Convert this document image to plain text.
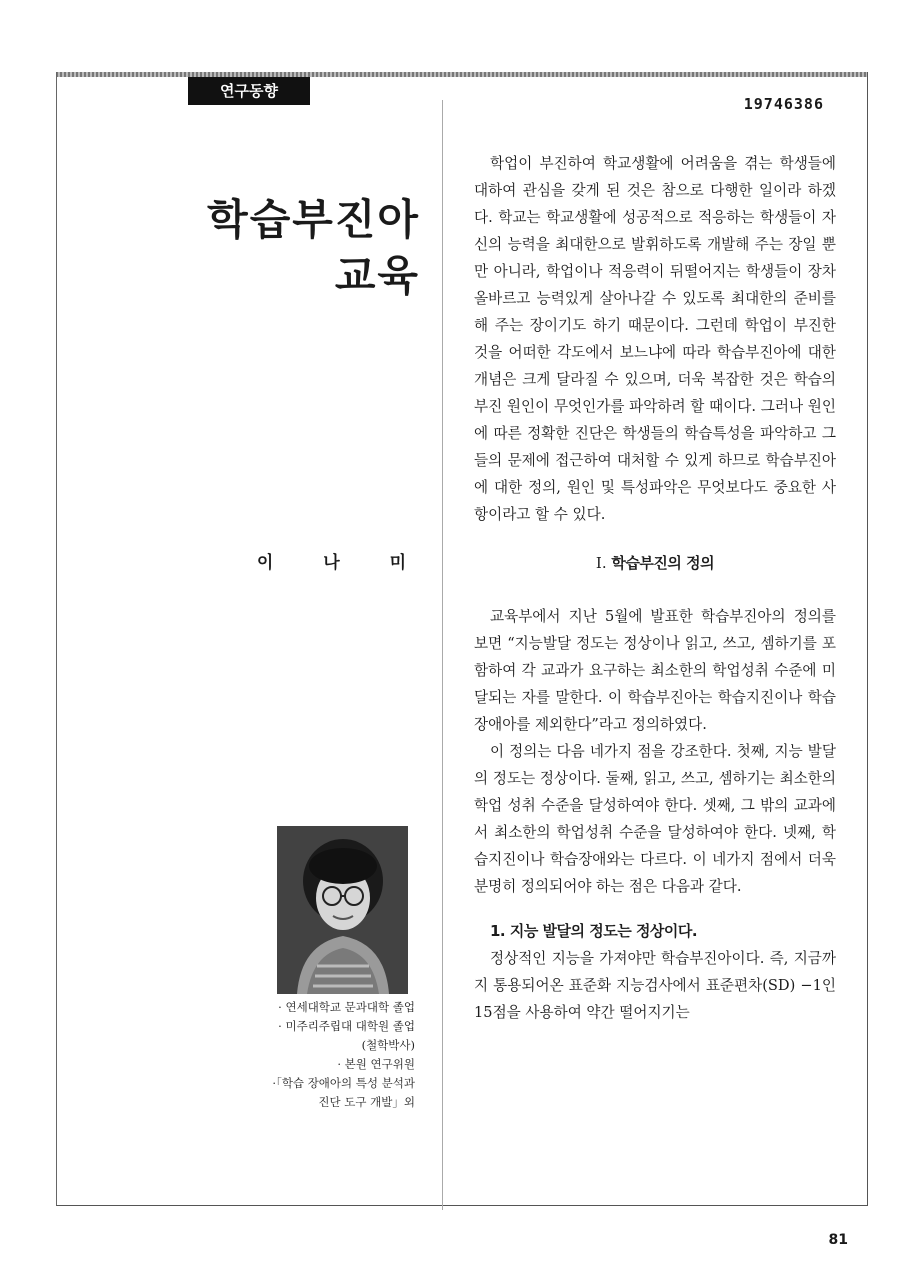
연구동향
19746386
학습부진아
교육
이 나 미
· 연세대학교 문과대학 졸업
· 미주리주립대 대학원 졸업
(철학박사)
· 본원 연구위원
·「학습 장애아의 특성 분석과
진단 도구 개발」외

학업이 부진하여 학교생활에 어려움을 겪는 학생들에 대하여 관심을 갖게 된 것은 참으로 다행한 일이라 하겠다. 학교는 학교생활에 성공적으로 적응하는 학생들이 자신의 능력을 최대한으로 발휘하도록 개발해 주는 장일 뿐만 아니라, 학업이나 적응력이 뒤떨어지는 학생들이 장차 올바르고 능력있게 살아나갈 수 있도록 최대한의 준비를 해 주는 장이기도 하기 때문이다. 그런데 학업이 부진한 것을 어떠한 각도에서 보느냐에 따라 학습부진아에 대한 개념은 크게 달라질 수 있으며, 더욱 복잡한 것은 학습의 부진 원인이 무엇인가를 파악하려 할 때이다. 그러나 원인에 따른 정확한 진단은 학생들의 학습특성을 파악하고 그들의 문제에 접근하여 대처할 수 있게 하므로 학습부진아에 대한 정의, 원인 및 특성파악은 무엇보다도 중요한 사항이라고 할 수 있다.

Ⅰ. 학습부진의 정의

교육부에서 지난 5월에 발표한 학습부진아의 정의를 보면 “지능발달 정도는 정상이나 읽고, 쓰고, 셈하기를 포함하여 각 교과가 요구하는 최소한의 학업성취 수준에 미달되는 자를 말한다. 이 학습부진아는 학습지진이나 학습장애아를 제외한다”라고 정의하였다.

이 정의는 다음 네가지 점을 강조한다. 첫째, 지능 발달의 정도는 정상이다. 둘째, 읽고, 쓰고, 셈하기는 최소한의 학업 성취 수준을 달성하여야 한다. 셋째, 그 밖의 교과에서 최소한의 학업성취 수준을 달성하여야 한다. 넷째, 학습지진이나 학습장애와는 다르다. 이 네가지 점에서 더욱 분명히 정의되어야 하는 점은 다음과 같다.

1. 지능 발달의 정도는 정상이다.

정상적인 지능을 가져야만 학습부진아이다. 즉, 지금까지 통용되어온 표준화 지능검사에서 표준편차(SD) −1인 15점을 사용하여 약간 떨어지기는

81
